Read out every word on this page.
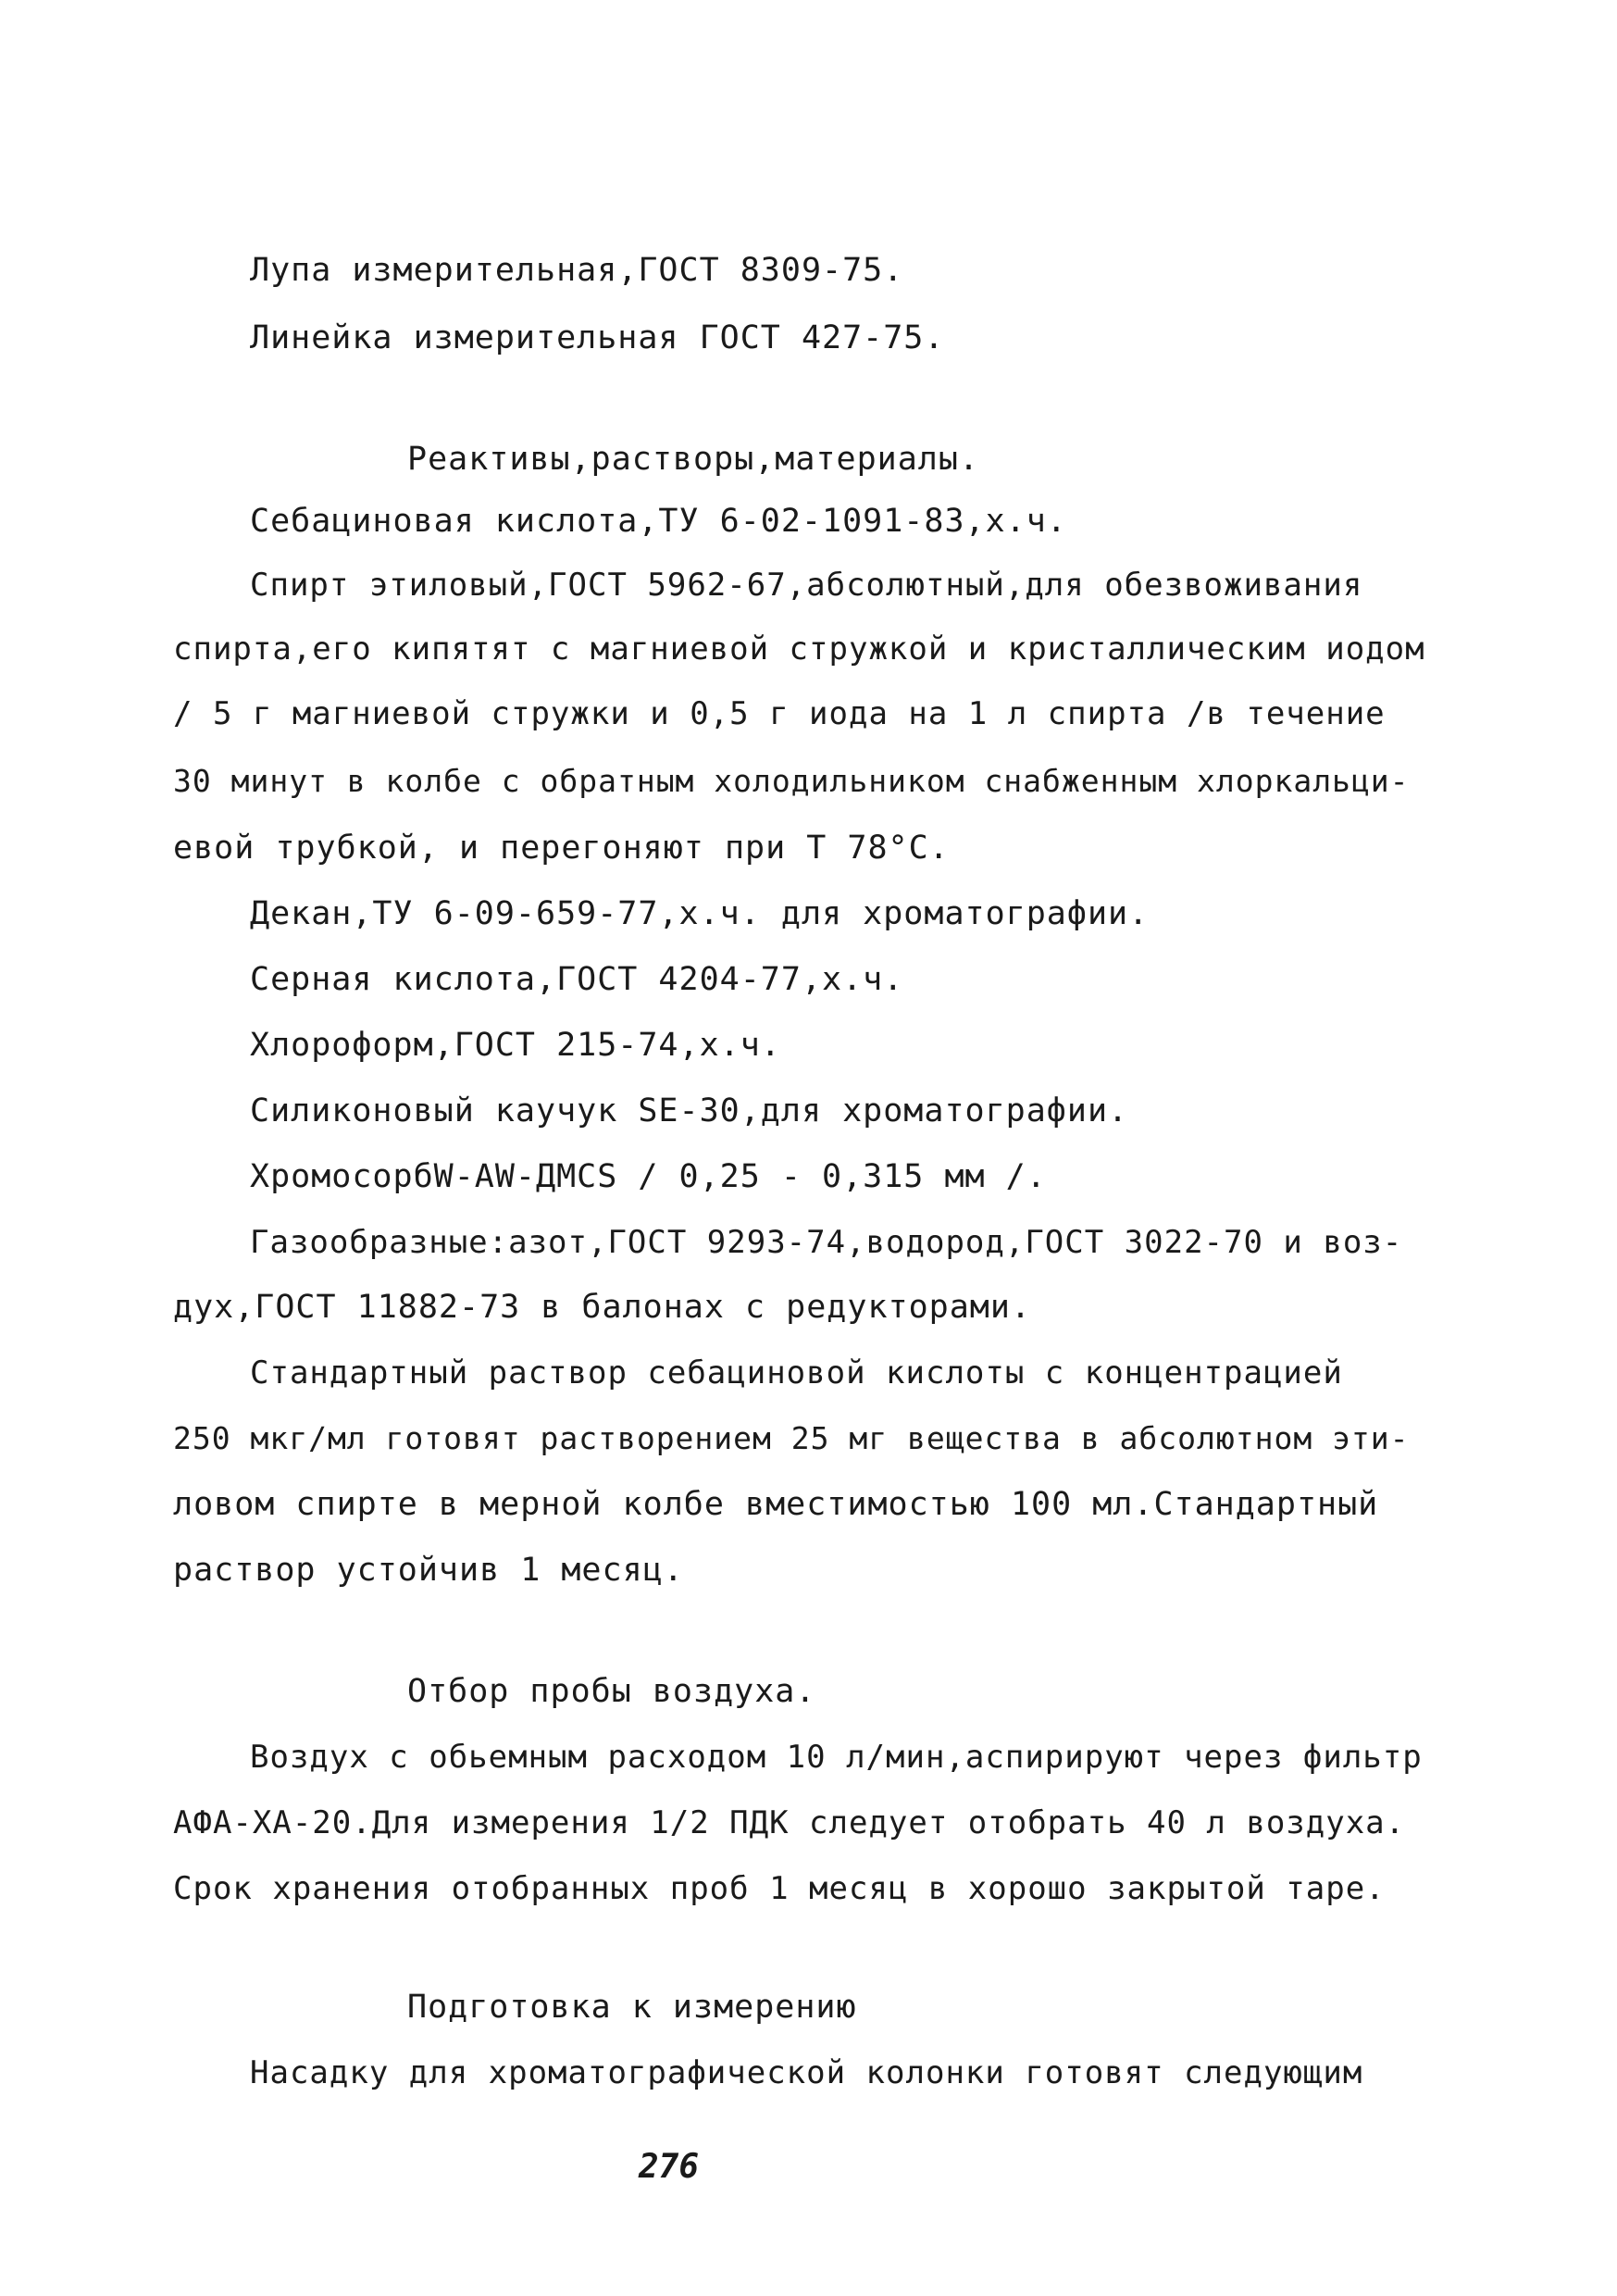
Лупа измерительная,ГОСТ 8309-75.
Линейка измерительная ГОСТ 427-75.
Реактивы,растворы,материалы.
Себациновая кислота,ТУ 6-02-1091-83,х.ч.
Спирт этиловый,ГОСТ 5962-67,абсолютный,для обезвоживания
спирта,его кипятят с магниевой стружкой и кристаллическим иодом
/ 5 г магниевой стружки и 0,5 г иода на 1 л спирта /в течение
30 минут в колбе с обратным холодильником снабженным хлоркальци-
евой трубкой, и перегоняют при Т 78°С.
Декан,ТУ 6-09-659-77,х.ч. для хроматографии.
Серная кислота,ГОСТ 4204-77,х.ч.
Хлороформ,ГОСТ 215-74,х.ч.
Силиконовый каучук SE-30,для хроматографии.
ХромосорбW-AW-ДМCS / 0,25 - 0,315 мм /.
Газообразные:азот,ГОСТ 9293-74,водород,ГОСТ 3022-70 и воз-
дух,ГОСТ 11882-73 в балонах с редукторами.
Стандартный раствор себациновой кислоты с концентрацией
250 мкг/мл готовят растворением 25 мг вещества в абсолютном эти-
ловом спирте в мерной колбе вместимостью 100 мл.Стандартный
раствор устойчив 1 месяц.
Отбор пробы воздуха.
Воздух с обьемным расходом 10 л/мин,аспирируют через фильтр
АФА-ХА-20.Для измерения 1/2 ПДК следует отобрать 40 л воздуха.
Срок хранения отобранных проб 1 месяц в хорошо закрытой таре.
Подготовка к измерению
Насадку для хроматографической колонки готовят следующим
276
